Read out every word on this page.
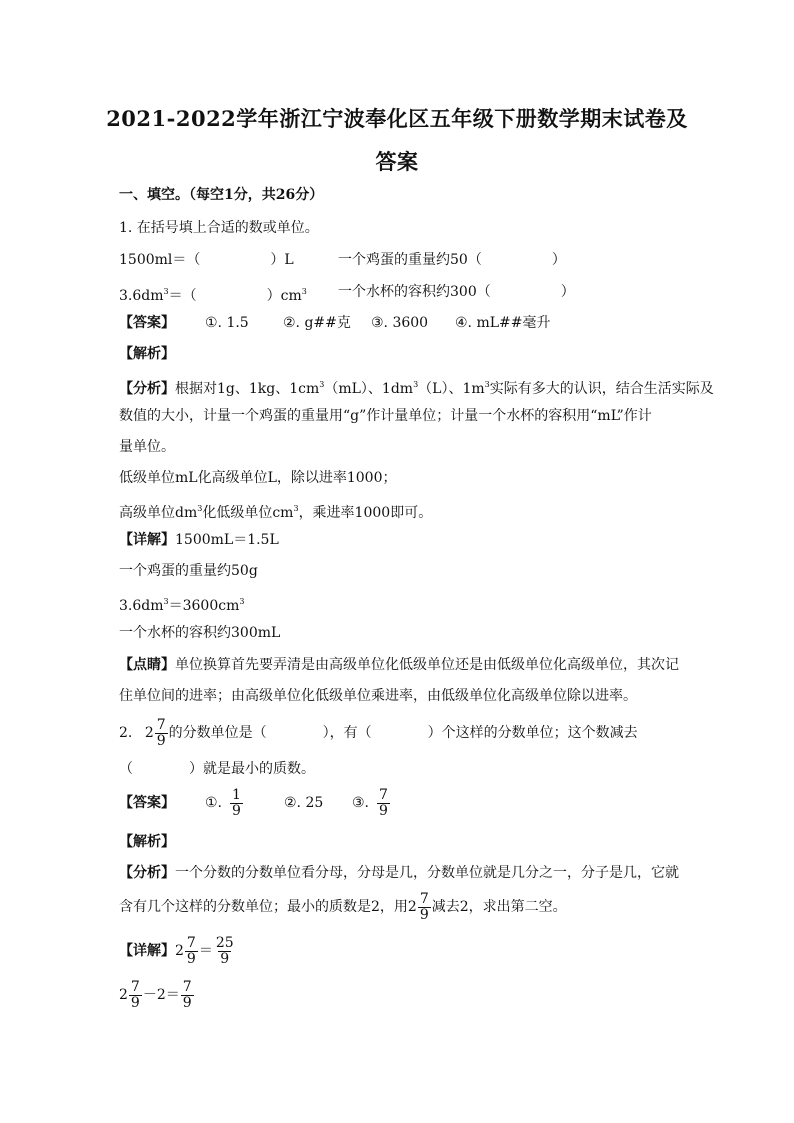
2021-2022学年浙江宁波奉化区五年级下册数学期末试卷及
答案
一、填空。（每空1分，共26分）
1. 在括号填上合适的数或单位。
1500ml＝（　　　　　）L	一个鸡蛋的重量约50（　　　　　）
$3.6dm^3=$（　　　　　）$cm^3$ 一个水杯的容积约300（　　　　　）
【答案】 ①. 1.5 ②. g##克 ③. 3600 ④. mL##毫升
【解析】
【分析】根据对1g、1kg、$1cm^3(mL)$、$1dm^3(L)$、$1m^3$实际有多大的认识，结合生活实际及
数值的大小，计量一个鸡蛋的重量用“g”作计量单位；计量一个水杯的容积用“mL”作计
量单位。
低级单位mL化高级单位L，除以进率1000；
高级单位$dm^3$化低级单位$cm^3$，乘进率1000即可。
【详解】1500mL＝1.5L
一个鸡蛋的重量约50g
$3.6dm^3=3600cm^3$
一个水杯的容积约300mL
【点睛】单位换算首先要弄清是由高级单位化低级单位还是由低级单位化高级单位，其次记
住单位间的进率；由高级单位化低级单位乘进率，由低级单位化高级单位除以进率。
2. $2 \frac{7}{9}$ 的分数单位是（　　　　），有（　　　　）个这样的分数单位；这个数减去
（　　　　）就是最小的质数。
【答案】 ①. $\frac{1}{9}$	②. 25 ③. $\frac{7}{9}$
【解析】
【分析】一个分数的分数单位看分母，分母是几，分数单位就是几分之一，分子是几，它就
含有几个这样的分数单位；最小的质数是2，用$2 \frac{7}{9}$ 减去2，求出第二空。
【详解】$2 \frac{7}{9} = \frac{25}{9}$
$2 \frac{7}{9} -2= \frac{7}{9}$
